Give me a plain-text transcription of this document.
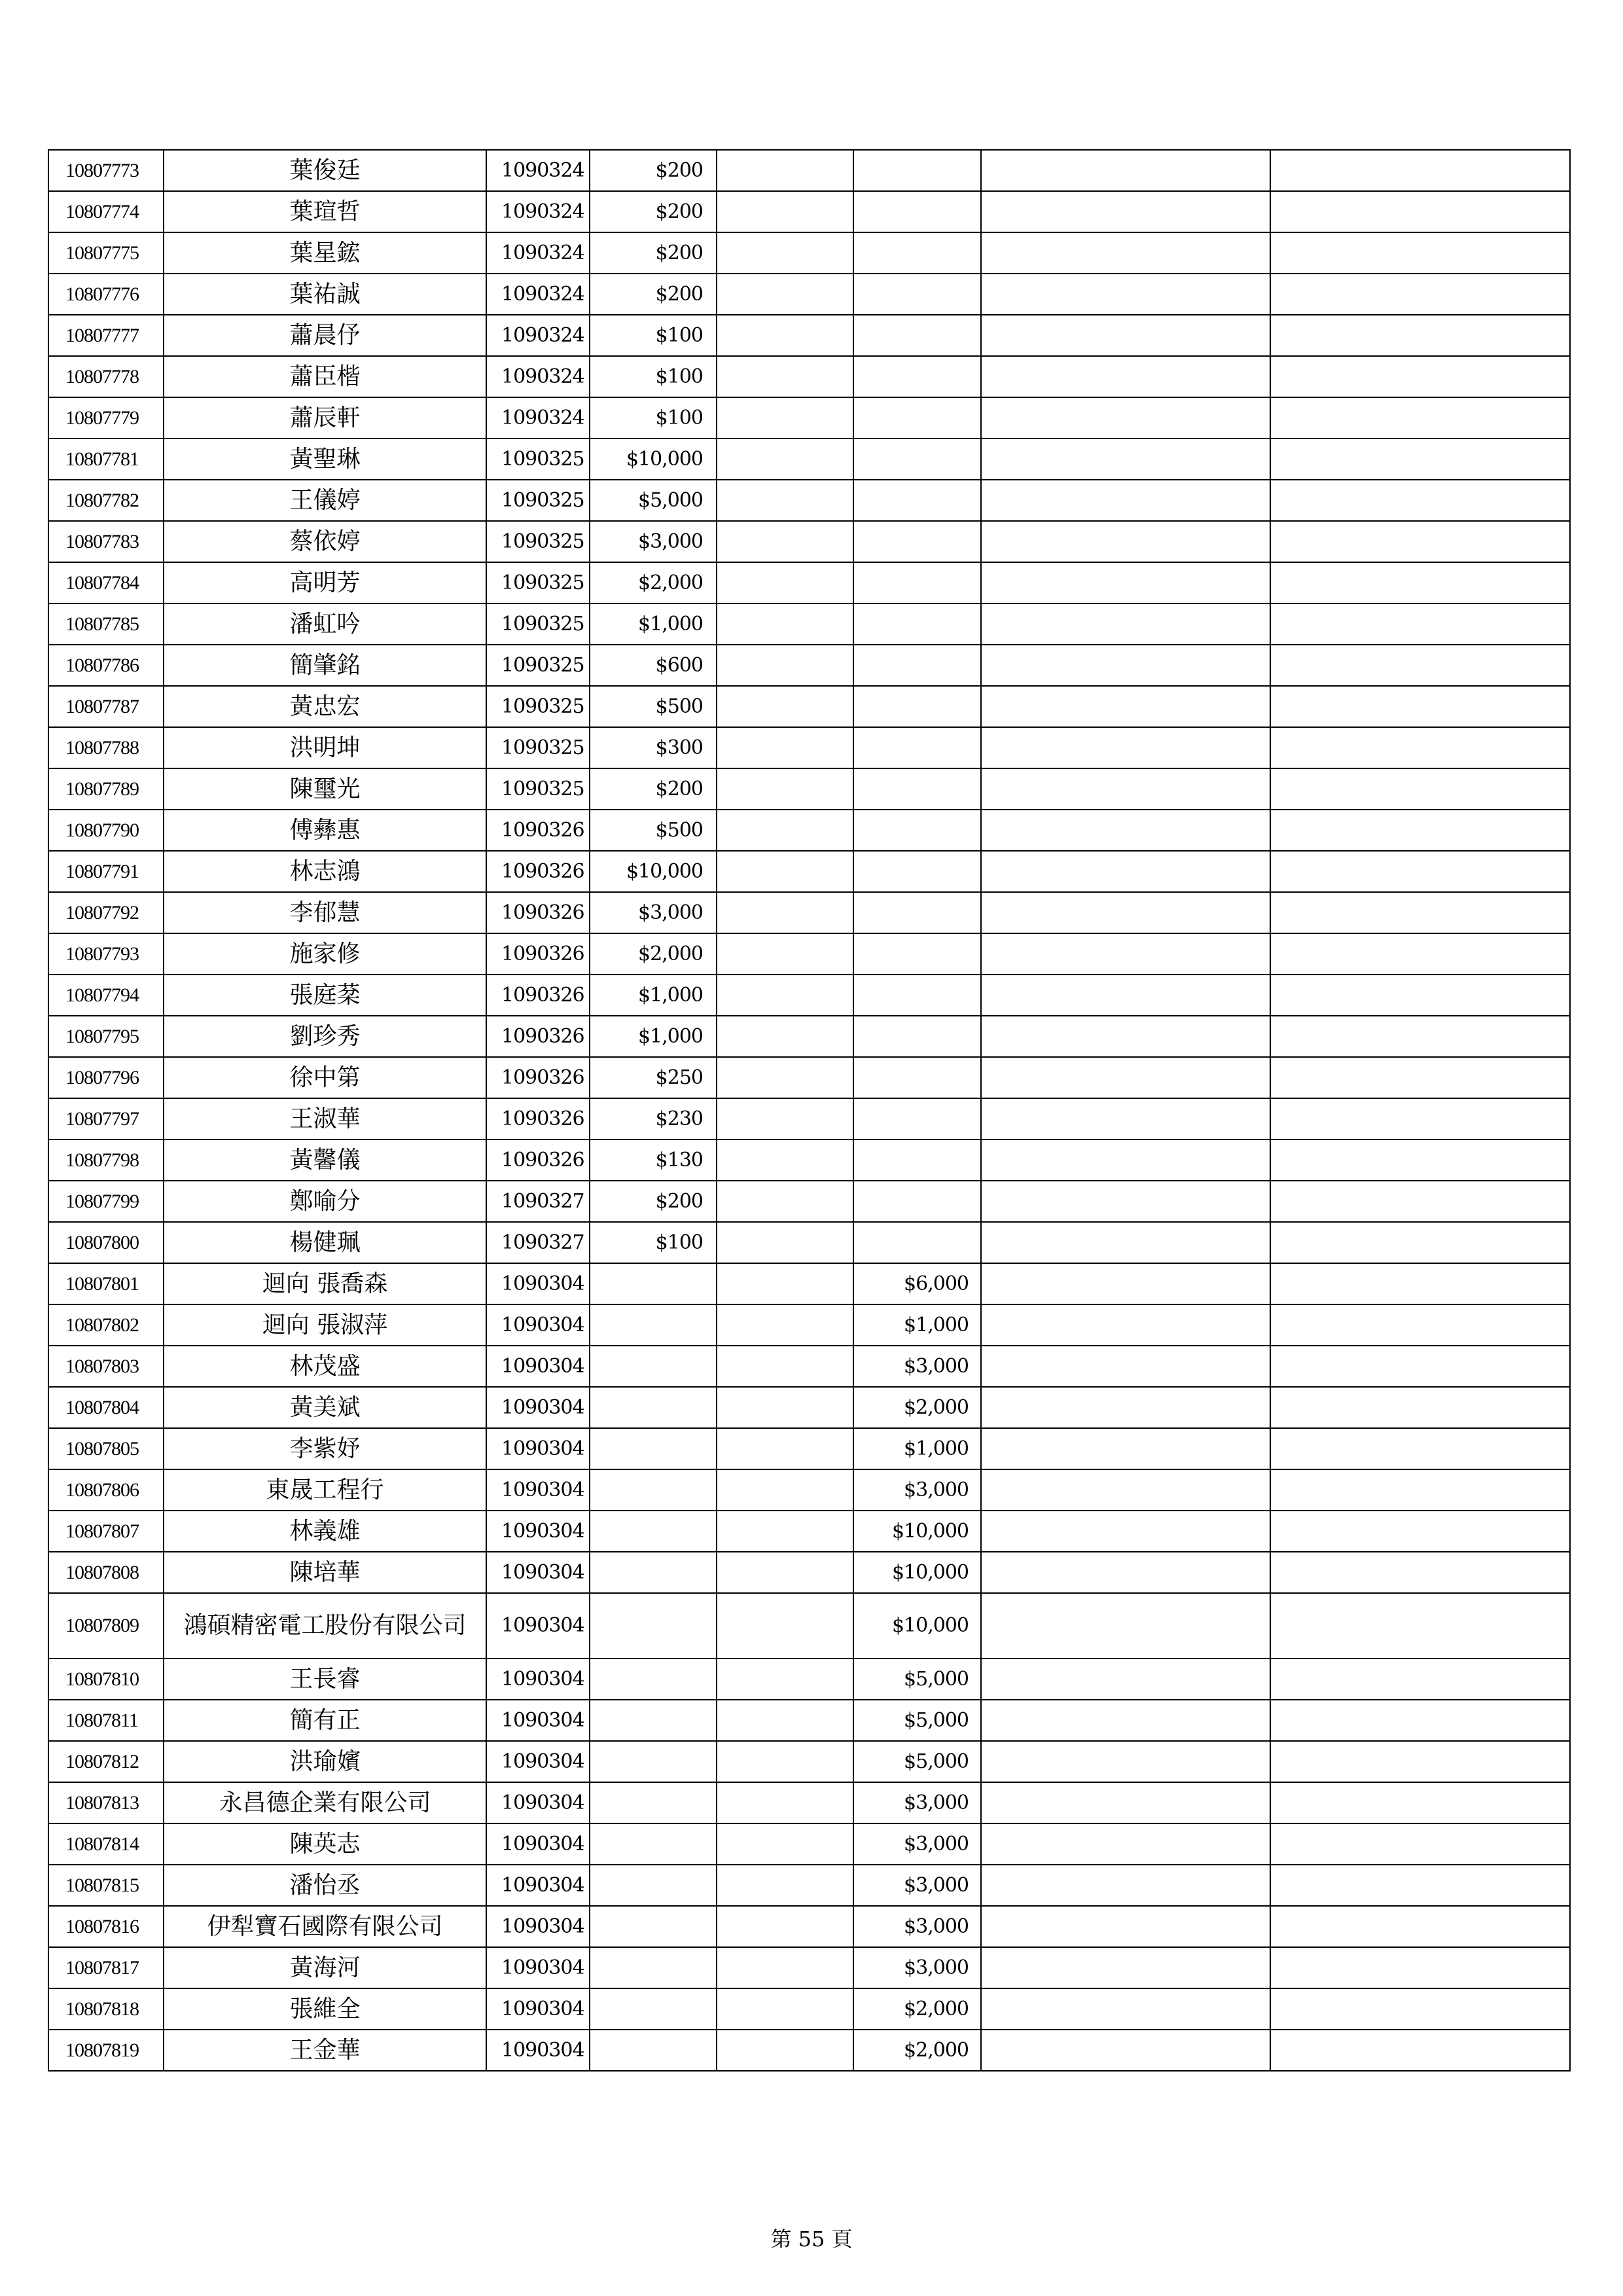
10807773	葉俊廷	1090324	$200				
10807774	葉瑄哲	1090324	$200				
10807775	葉星鋐	1090324	$200				
10807776	葉祐誠	1090324	$200				
10807777	蕭晨伃	1090324	$100				
10807778	蕭臣楷	1090324	$100				
10807779	蕭辰軒	1090324	$100				
10807781	黃聖琳	1090325	$10,000				
10807782	王儀婷	1090325	$5,000				
10807783	蔡依婷	1090325	$3,000				
10807784	高明芳	1090325	$2,000				
10807785	潘虹吟	1090325	$1,000				
10807786	簡肇銘	1090325	$600				
10807787	黃忠宏	1090325	$500				
10807788	洪明坤	1090325	$300				
10807789	陳璽光	1090325	$200				
10807790	傅彝惠	1090326	$500				
10807791	林志鴻	1090326	$10,000				
10807792	李郁慧	1090326	$3,000				
10807793	施家修	1090326	$2,000				
10807794	張庭棻	1090326	$1,000				
10807795	劉珍秀	1090326	$1,000				
10807796	徐中第	1090326	$250				
10807797	王淑華	1090326	$230				
10807798	黃馨儀	1090326	$130				
10807799	鄭喻分	1090327	$200				
10807800	楊健珮	1090327	$100				
10807801	迴向 張喬森	1090304			$6,000		
10807802	迴向 張淑萍	1090304			$1,000		
10807803	林茂盛	1090304			$3,000		
10807804	黃美斌	1090304			$2,000		
10807805	李紫妤	1090304			$1,000		
10807806	東晟工程行	1090304			$3,000		
10807807	林義雄	1090304			$10,000		
10807808	陳培華	1090304			$10,000		
10807809	鴻碩精密電工股份有限公司	1090304			$10,000		
10807810	王長睿	1090304			$5,000		
10807811	簡有正	1090304			$5,000		
10807812	洪瑜嬪	1090304			$5,000		
10807813	永昌德企業有限公司	1090304			$3,000		
10807814	陳英志	1090304			$3,000		
10807815	潘怡丞	1090304			$3,000		
10807816	伊犁寶石國際有限公司	1090304			$3,000		
10807817	黃海河	1090304			$3,000		
10807818	張維全	1090304			$2,000		
10807819	王金華	1090304			$2,000		
第 55 頁
